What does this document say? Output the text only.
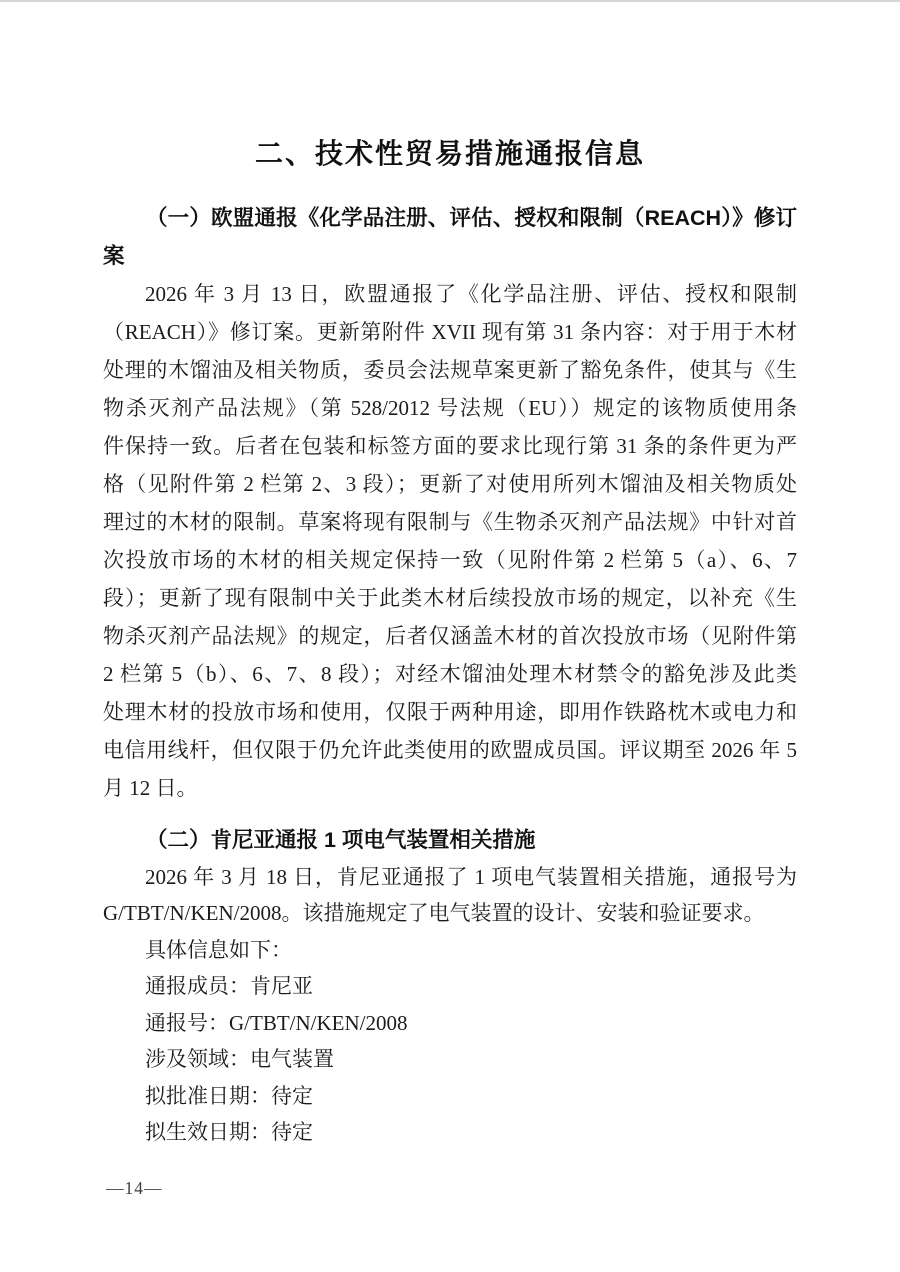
二、技术性贸易措施通报信息
（一）欧盟通报《化学品注册、评估、授权和限制（REACH）》修订
案
2026 年 3 月 13 日，欧盟通报了《化学品注册、评估、授权和限制
（REACH）》修订案。更新第附件 XVII 现有第 31 条内容：对于用于木材
处理的木馏油及相关物质，委员会法规草案更新了豁免条件，使其与《生
物杀灭剂产品法规》（第 528/2012 号法规（EU））规定的该物质使用条
件保持一致。后者在包装和标签方面的要求比现行第 31 条的条件更为严
格（见附件第 2 栏第 2、3 段）；更新了对使用所列木馏油及相关物质处
理过的木材的限制。草案将现有限制与《生物杀灭剂产品法规》中针对首
次投放市场的木材的相关规定保持一致（见附件第 2 栏第 5（a）、6、7
段）；更新了现有限制中关于此类木材后续投放市场的规定，以补充《生
物杀灭剂产品法规》的规定，后者仅涵盖木材的首次投放市场（见附件第
2 栏第 5（b）、6、7、8 段）；对经木馏油处理木材禁令的豁免涉及此类
处理木材的投放市场和使用，仅限于两种用途，即用作铁路枕木或电力和
电信用线杆，但仅限于仍允许此类使用的欧盟成员国。评议期至 2026 年 5
月 12 日。
（二）肯尼亚通报 1 项电气装置相关措施
2026 年 3 月 18 日，肯尼亚通报了 1 项电气装置相关措施，通报号为
G/TBT/N/KEN/2008。该措施规定了电气装置的设计、安装和验证要求。
具体信息如下：
通报成员：肯尼亚
通报号：G/TBT/N/KEN/2008
涉及领域：电气装置
拟批准日期：待定
拟生效日期：待定
—14—
